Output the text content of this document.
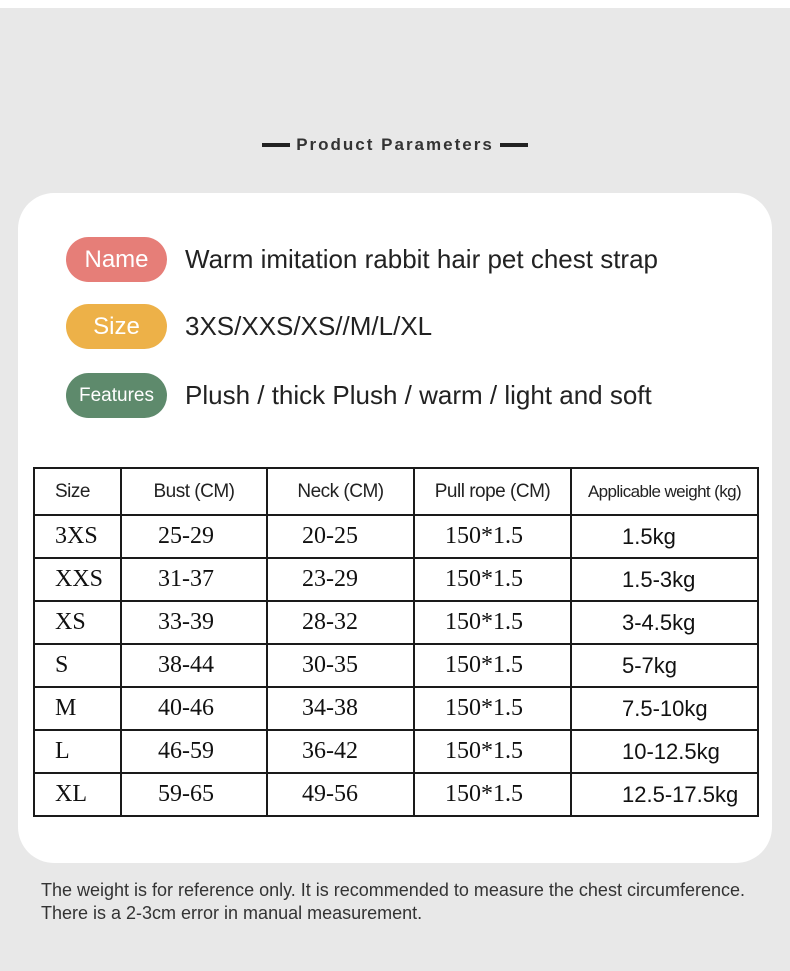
Product Parameters
Name	Warm imitation rabbit hair pet chest strap
Size	3XS/XXS/XS//M/L/XL
Features	Plush / thick Plush / warm / light and soft
Size	Bust (CM)	Neck (CM)	Pull rope (CM)	Applicable weight (kg)
3XS	25-29	20-25	150*1.5	1.5kg
XXS	31-37	23-29	150*1.5	1.5-3kg
XS	33-39	28-32	150*1.5	3-4.5kg
S	38-44	30-35	150*1.5	5-7kg
M	40-46	34-38	150*1.5	7.5-10kg
L	46-59	36-42	150*1.5	10-12.5kg
XL	59-65	49-56	150*1.5	12.5-17.5kg
The weight is for reference only. It is recommended to measure the chest circumference. There is a 2-3cm error in manual measurement.
